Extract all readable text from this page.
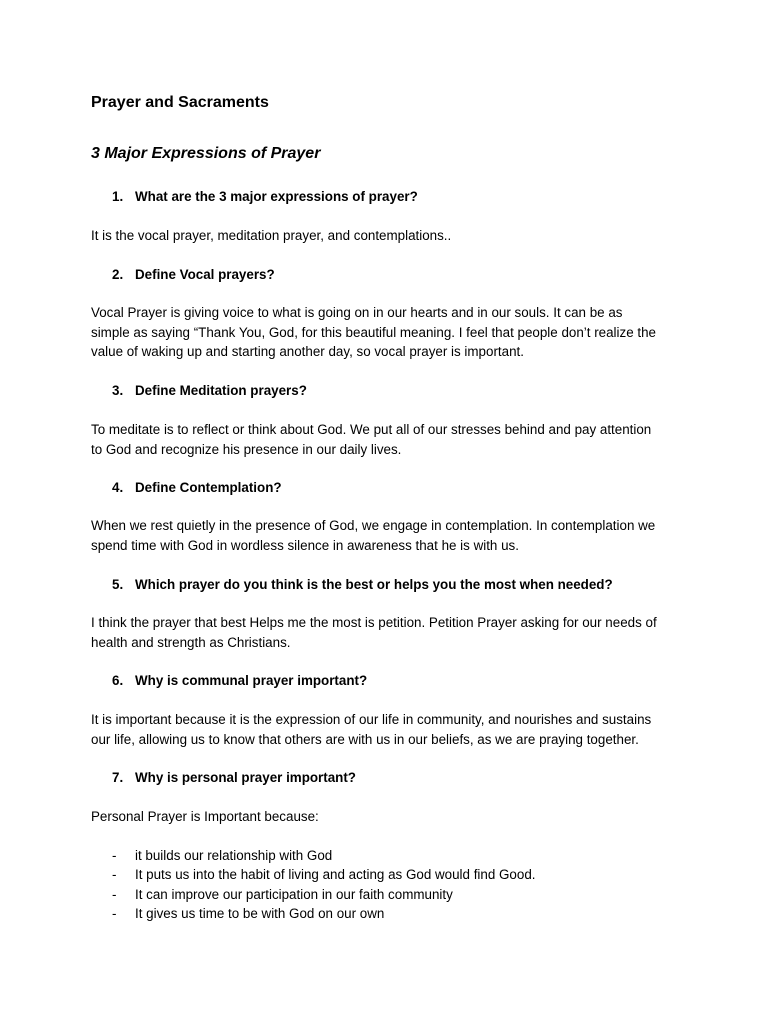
Prayer and Sacraments
3 Major Expressions of Prayer
1. What are the 3 major expressions of prayer?
It is the vocal prayer, meditation prayer, and contemplations..
2. Define Vocal prayers?
Vocal Prayer is giving voice to what is going on in our hearts and in our souls. It can be as
simple as saying “Thank You, God, for this beautiful meaning. I feel that people don’t realize the
value of waking up and starting another day, so vocal prayer is important.
3. Define Meditation prayers?
To meditate is to reflect or think about God. We put all of our stresses behind and pay attention
to God and recognize his presence in our daily lives.
4. Define Contemplation?
When we rest quietly in the presence of God, we engage in contemplation. In contemplation we
spend time with God in wordless silence in awareness that he is with us.
5. Which prayer do you think is the best or helps you the most when needed?
I think the prayer that best Helps me the most is petition. Petition Prayer asking for our needs of
health and strength as Christians.
6. Why is communal prayer important?
It is important because it is the expression of our life in community, and nourishes and sustains
our life, allowing us to know that others are with us in our beliefs, as we are praying together.
7. Why is personal prayer important?
Personal Prayer is Important because:
- it builds our relationship with God
- It puts us into the habit of living and acting as God would find Good.
- It can improve our participation in our faith community
- It gives us time to be with God on our own
